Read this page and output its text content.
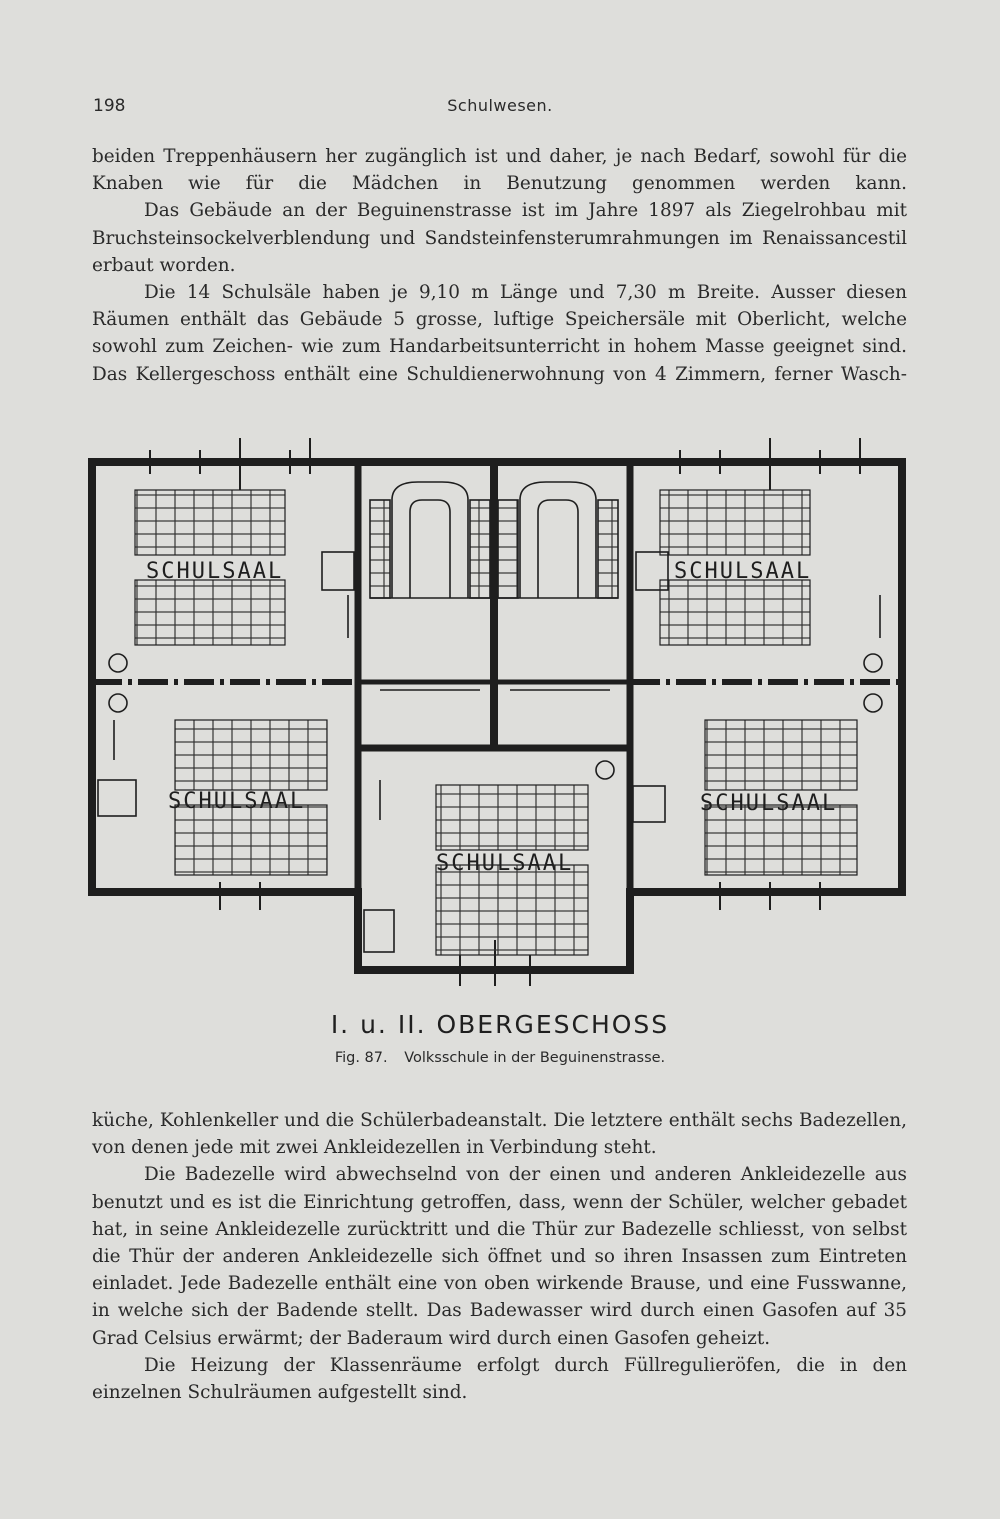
198	Schulwesen.

beiden Treppenhäusern her zugänglich ist und daher, je nach Bedarf, sowohl für die Knaben wie für die Mädchen in Benutzung genommen werden kann.

Das Gebäude an der Beguinenstrasse ist im Jahre 1897 als Ziegelrohbau mit Bruchsteinsockelverblendung und Sandsteinfensterumrahmungen im Renaissancestil erbaut worden.

Die 14 Schulsäle haben je 9,10 m Länge und 7,30 m Breite. Ausser diesen Räumen enthält das Gebäude 5 grosse, luftige Speichersäle mit Oberlicht, welche sowohl zum Zeichen- wie zum Handarbeitsunterricht in hohem Masse geeignet sind. Das Kellergeschoss enthält eine Schuldienerwohnung von 4 Zimmern, ferner Wasch-

SCHULSAAL	SCHULSAAL
SCHULSAAL	SCHULSAAL
SCHULSAAL
I. u. II. OBERGESCHOSS
Fig. 87. Volksschule in der Beguinenstrasse.

küche, Kohlenkeller und die Schülerbadeanstalt. Die letztere enthält sechs Badezellen, von denen jede mit zwei Ankleidezellen in Verbindung steht.

Die Badezelle wird abwechselnd von der einen und anderen Ankleidezelle aus benutzt und es ist die Einrichtung getroffen, dass, wenn der Schüler, welcher gebadet hat, in seine Ankleidezelle zurücktritt und die Thür zur Badezelle schliesst, von selbst die Thür der anderen Ankleidezelle sich öffnet und so ihren Insassen zum Eintreten einladet. Jede Badezelle enthält eine von oben wirkende Brause, und eine Fusswanne, in welche sich der Badende stellt. Das Badewasser wird durch einen Gasofen auf 35 Grad Celsius erwärmt; der Baderaum wird durch einen Gasofen geheizt.

Die Heizung der Klassenräume erfolgt durch Füllregulieröfen, die in den einzelnen Schulräumen aufgestellt sind.
